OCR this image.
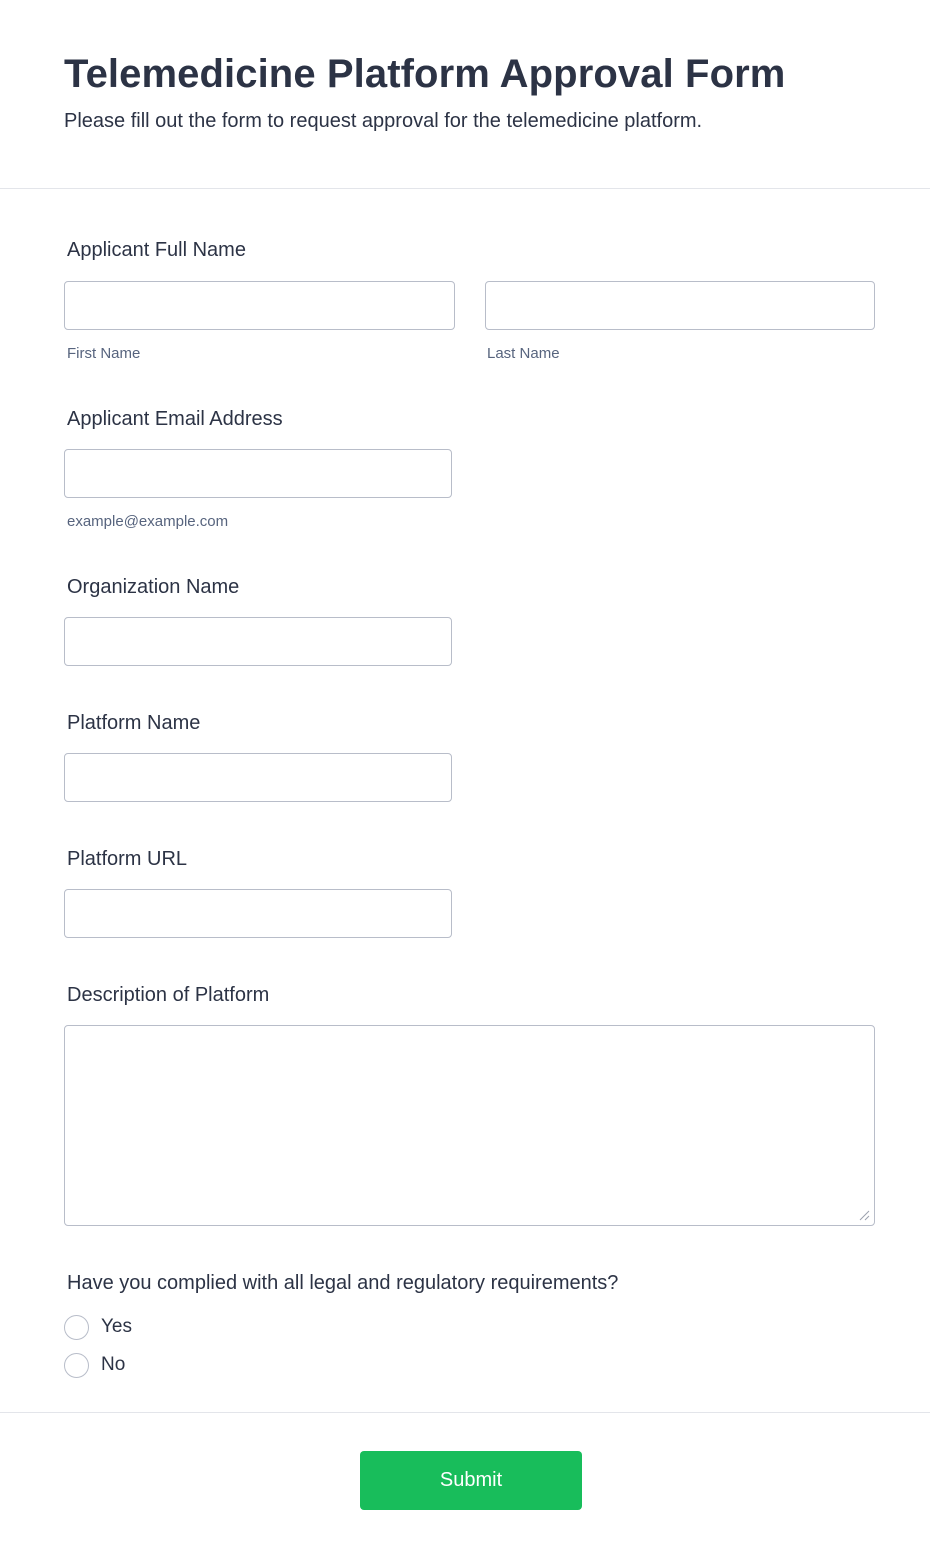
Telemedicine Platform Approval Form

Please fill out the form to request approval for the telemedicine platform.

Applicant Full Name
First Name	Last Name
Applicant Email Address
example@example.com
Organization Name
Platform Name
Platform URL
Description of Platform
Have you complied with all legal and regulatory requirements?
Yes
No
Submit
